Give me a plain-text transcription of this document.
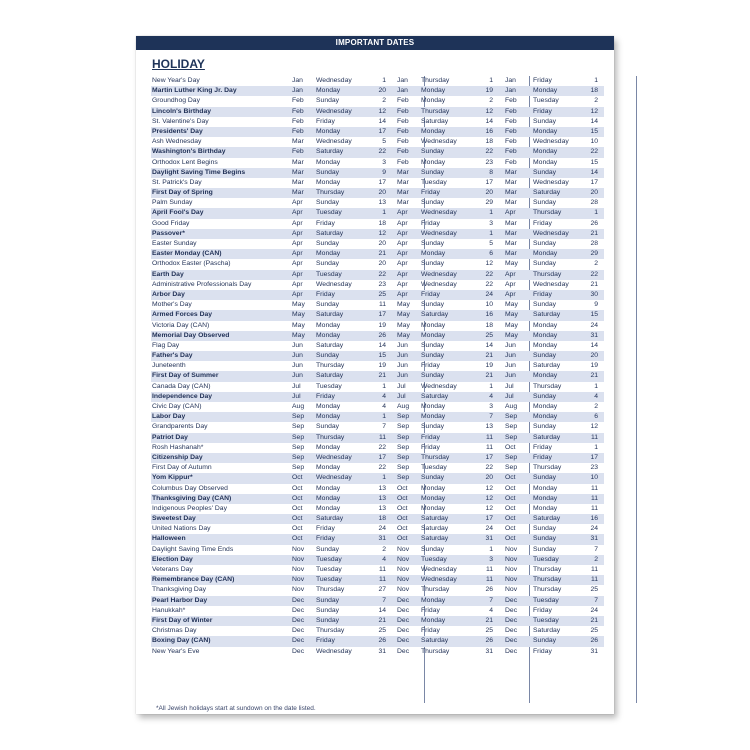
IMPORTANT DATES
HOLIDAY
New Year's Day	Jan	Wednesday	1 Jan	Thursday	1 Jan	Friday	1
Martin Luther King Jr. Day	Jan	Monday	20 Jan	Monday	19 Jan	Monday	18
Groundhog Day	Feb	Sunday	2 Feb	Monday	2 Feb	Tuesday	2
Lincoln's Birthday	Feb	Wednesday	12 Feb	Thursday	12 Feb	Friday	12
St. Valentine's Day	Feb	Friday	14 Feb	Saturday	14 Feb	Sunday	14
Presidents' Day	Feb	Monday	17 Feb	Monday	16 Feb	Monday	15
Ash Wednesday	Mar	Wednesday	5 Feb	Wednesday	18 Feb	Wednesday	10
Washington's Birthday	Feb	Saturday	22 Feb	Sunday	22 Feb	Monday	22
Orthodox Lent Begins	Mar	Monday	3 Feb	Monday	23 Feb	Monday	15
Daylight Saving Time Begins	Mar	Sunday	9 Mar	Sunday	8 Mar	Sunday	14
St. Patrick's Day	Mar	Monday	17 Mar	Tuesday	17 Mar	Wednesday	17
First Day of Spring	Mar	Thursday	20 Mar	Friday	20 Mar	Saturday	20
Palm Sunday	Apr	Sunday	13 Mar	Sunday	29 Mar	Sunday	28
April Fool's Day	Apr	Tuesday	1 Apr	Wednesday	1 Apr	Thursday	1
Good Friday	Apr	Friday	18 Apr	Friday	3 Mar	Friday	26
Passover*	Apr	Saturday	12 Apr	Wednesday	1 Mar	Wednesday	21
Easter Sunday	Apr	Sunday	20 Apr	Sunday	5 Mar	Sunday	28
Easter Monday (CAN)	Apr	Monday	21 Apr	Monday	6 Mar	Monday	29
Orthodox Easter (Pascha)	Apr	Sunday	20 Apr	Sunday	12 May	Sunday	2
Earth Day	Apr	Tuesday	22 Apr	Wednesday	22 Apr	Thursday	22
Administrative Professionals Day	Apr	Wednesday	23 Apr	Wednesday	22 Apr	Wednesday	21
Arbor Day	Apr	Friday	25 Apr	Friday	24 Apr	Friday	30
Mother's Day	May	Sunday	11 May	Sunday	10 May	Sunday	9
Armed Forces Day	May	Saturday	17 May	Saturday	16 May	Saturday	15
Victoria Day (CAN)	May	Monday	19 May	Monday	18 May	Monday	24
Memorial Day Observed	May	Monday	26 May	Monday	25 May	Monday	31
Flag Day	Jun	Saturday	14 Jun	Sunday	14 Jun	Monday	14
Father's Day	Jun	Sunday	15 Jun	Sunday	21 Jun	Sunday	20
Juneteenth	Jun	Thursday	19 Jun	Friday	19 Jun	Saturday	19
First Day of Summer	Jun	Saturday	21 Jun	Sunday	21 Jun	Monday	21
Canada Day (CAN)	Jul	Tuesday	1 Jul	Wednesday	1 Jul	Thursday	1
Independence Day	Jul	Friday	4 Jul	Saturday	4 Jul	Sunday	4
Civic Day (CAN)	Aug	Monday	4 Aug	Monday	3 Aug	Monday	2
Labor Day	Sep	Monday	1 Sep	Monday	7 Sep	Monday	6
Grandparents Day	Sep	Sunday	7 Sep	Sunday	13 Sep	Sunday	12
Patriot Day	Sep	Thursday	11 Sep	Friday	11 Sep	Saturday	11
Rosh Hashanah*	Sep	Monday	22 Sep	Friday	11 Oct	Friday	1
Citizenship Day	Sep	Wednesday	17 Sep	Thursday	17 Sep	Friday	17
First Day of Autumn	Sep	Monday	22 Sep	Tuesday	22 Sep	Thursday	23
Yom Kippur*	Oct	Wednesday	1 Sep	Sunday	20 Oct	Sunday	10
Columbus Day Observed	Oct	Monday	13 Oct	Monday	12 Oct	Monday	11
Thanksgiving Day (CAN)	Oct	Monday	13 Oct	Monday	12 Oct	Monday	11
Indigenous Peoples' Day	Oct	Monday	13 Oct	Monday	12 Oct	Monday	11
Sweetest Day	Oct	Saturday	18 Oct	Saturday	17 Oct	Saturday	16
United Nations Day	Oct	Friday	24 Oct	Saturday	24 Oct	Sunday	24
Halloween	Oct	Friday	31 Oct	Saturday	31 Oct	Sunday	31
Daylight Saving Time Ends	Nov	Sunday	2 Nov	Sunday	1 Nov	Sunday	7
Election Day	Nov	Tuesday	4 Nov	Tuesday	3 Nov	Tuesday	2
Veterans Day	Nov	Tuesday	11 Nov	Wednesday	11 Nov	Thursday	11
Remembrance Day (CAN)	Nov	Tuesday	11 Nov	Wednesday	11 Nov	Thursday	11
Thanksgiving Day	Nov	Thursday	27 Nov	Thursday	26 Nov	Thursday	25
Pearl Harbor Day	Dec	Sunday	7 Dec	Monday	7 Dec	Tuesday	7
Hanukkah*	Dec	Sunday	14 Dec	Friday	4 Dec	Friday	24
First Day of Winter	Dec	Sunday	21 Dec	Monday	21 Dec	Tuesday	21
Christmas Day	Dec	Thursday	25 Dec	Friday	25 Dec	Saturday	25
Boxing Day (CAN)	Dec	Friday	26 Dec	Saturday	26 Dec	Sunday	26
New Year's Eve	Dec	Wednesday	31 Dec	Thursday	31 Dec	Friday	31
*All Jewish holidays start at sundown on the date listed.
